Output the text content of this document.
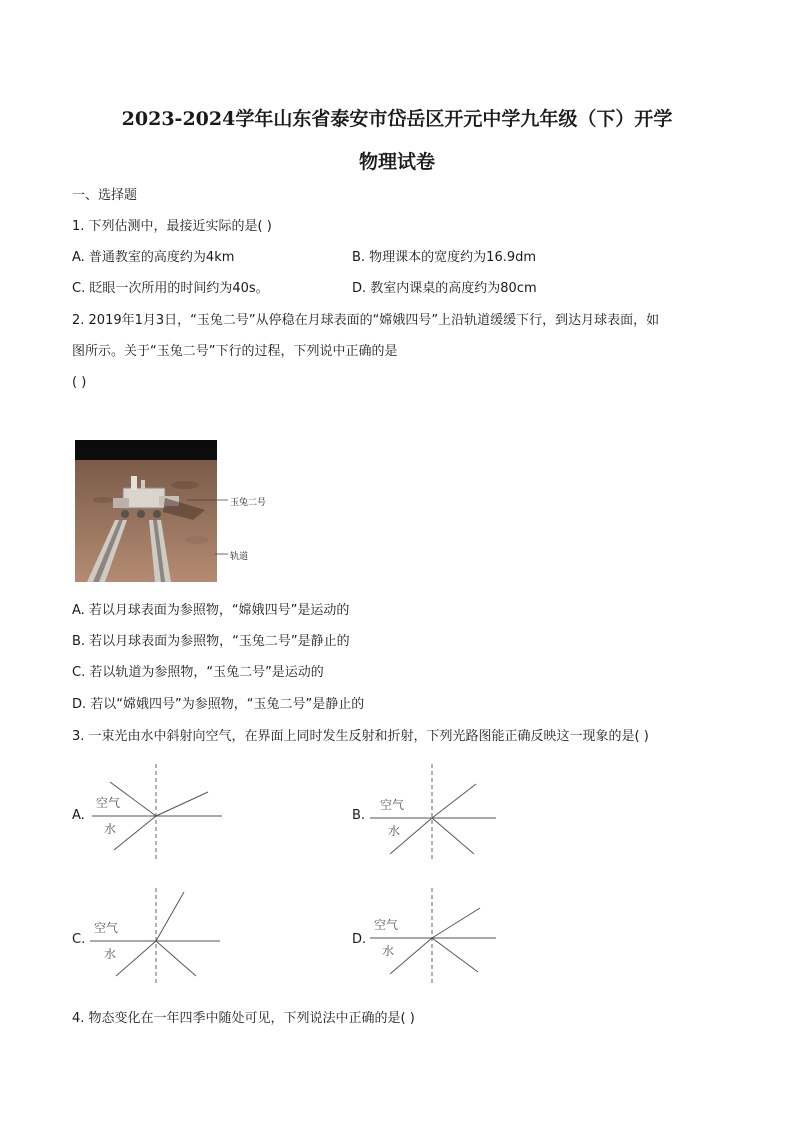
2023-2024学年山东省泰安市岱岳区开元中学九年级（下）开学
物理试卷
一、选择题
1. 下列估测中，最接近实际的是( )
A. 普通教室的高度约为4km	B. 物理课本的宽度约为16.9dm
C. 眨眼一次所用的时间约为40s。	D. 教室内课桌的高度约为80cm
2. 2019年1月3日，“玉兔二号”从停稳在月球表面的“嫦娥四号”上沿轨道缓缓下行，到达月球表面，如
图所示。关于“玉兔二号”下行的过程，下列说中正确的是
( )
玉兔二号
轨道
A. 若以月球表面为参照物，“嫦娥四号”是运动的
B. 若以月球表面为参照物，“玉兔二号”是静止的
C. 若以轨道为参照物，“玉兔二号”是运动的
D. 若以“嫦娥四号”为参照物，“玉兔二号”是静止的
3. 一束光由水中斜射向空气，在界面上同时发生反射和折射，下列光路图能正确反映这一现象的是( )
A.
空气
水
B.
空气
水
C.
空气
水
D.
空气
水
4. 物态变化在一年四季中随处可见，下列说法中正确的是( )
